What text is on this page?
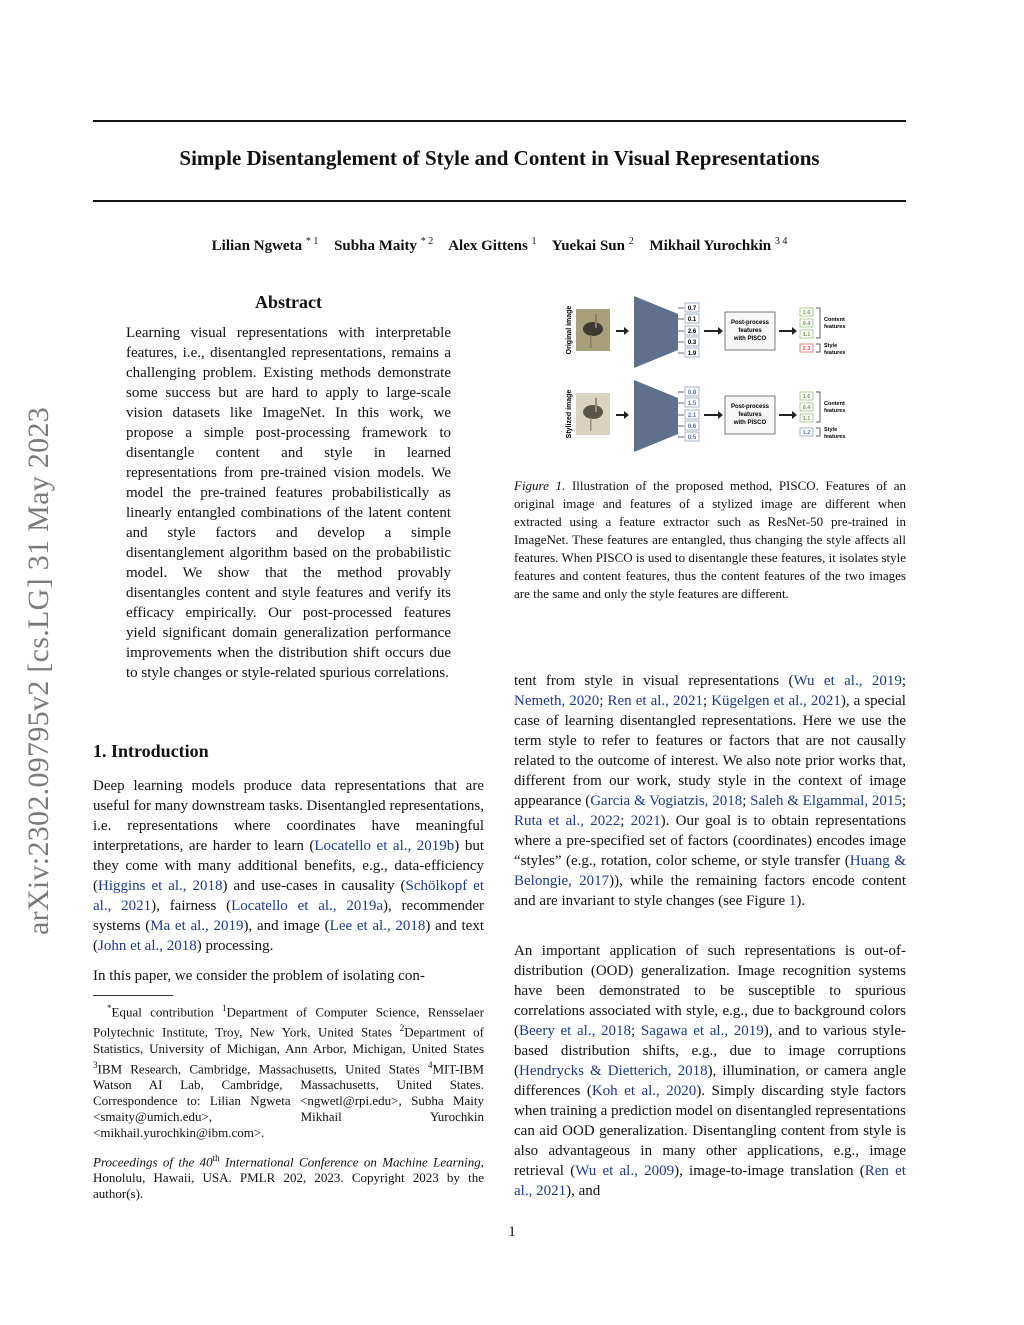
Simple Disentanglement of Style and Content in Visual Representations
Lilian Ngweta $^{* 1}$ Subha Maity $^{* 2}$ Alex Gittens $^1$ Yuekai Sun $^2$ Mikhail Yurochkin $^{3 4}$
arXiv:2302.09795v2 [cs.LG] 31 May 2023
Abstract
Learning visual representations with interpretable features, i.e., disentangled representations, remains a challenging problem. Existing methods demonstrate some success but are hard to apply to large-scale vision datasets like ImageNet. In this work, we propose a simple post-processing framework to disentangle content and style in learned representations from pre-trained vision models. We model the pre-trained features probabilistically as linearly entangled combinations of the latent content and style factors and develop a simple disentanglement algorithm based on the probabilistic model. We show that the method provably disentangles content and style features and verify its efficacy empirically. Our post-processed features yield significant domain generalization performance improvements when the distribution shift occurs due to style changes or style-related spurious correlations.
Original image	0.7
0.1
2.6
0.3
1.9
Post-process
features
with PISCO
1.6
0.4
1.1
2.3
Content
features
Style
features
Stylized image	0.8
1.5
2.1
0.6
0.5
Post-process
features
with PISCO
1.6
0.4
1.1
1.2
Content
features
Style
features
Figure 1. Illustration of the proposed method, PISCO. Features of an original image and features of a stylized image are different when extracted using a feature extractor such as ResNet-50 pre-trained in ImageNet. These features are entangled, thus changing the style affects all features. When PISCO is used to disentangle these features, it isolates style features and content features, thus the content features of the two images are the same and only the style features are different.
1. Introduction

Deep learning models produce data representations that are useful for many downstream tasks. Disentangled representations, i.e. representations where coordinates have meaningful interpretations, are harder to learn (Locatello et al., 2019b) but they come with many additional benefits, e.g., data-efficiency (Higgins et al., 2018) and use-cases in causality (Schölkopf et al., 2021), fairness (Locatello et al., 2019a), recommender systems (Ma et al., 2019), and image (Lee et al., 2018) and text (John et al., 2018) processing.

In this paper, we consider the problem of isolating con-
*Equal contribution $^1$Department of Computer Science, Rensselaer Polytechnic Institute, Troy, New York, United States $^2$Department of Statistics, University of Michigan, Ann Arbor, Michigan, United States $^3$IBM Research, Cambridge, Massachusetts, United States $^4$MIT-IBM Watson AI Lab, Cambridge, Massachusetts, United States. Correspondence to: Lilian Ngweta <ngwetl@rpi.edu>, Subha Maity <smaity@umich.edu>, Mikhail Yurochkin <mikhail.yurochkin@ibm.com>.
Proceedings of the 40th International Conference on Machine Learning, Honolulu, Hawaii, USA. PMLR 202, 2023. Copyright 2023 by the author(s).

tent from style in visual representations (Wu et al., 2019; Nemeth, 2020; Ren et al., 2021; Kügelgen et al., 2021), a special case of learning disentangled representations. Here we use the term style to refer to features or factors that are not causally related to the outcome of interest. We also note prior works that, different from our work, study style in the context of image appearance (Garcia & Vogiatzis, 2018; Saleh & Elgammal, 2015; Ruta et al., 2022; 2021). Our goal is to obtain representations where a pre-specified set of factors (coordinates) encodes image “styles” (e.g., rotation, color scheme, or style transfer (Huang & Belongie, 2017)), while the remaining factors encode content and are invariant to style changes (see Figure 1).

An important application of such representations is out-of-distribution (OOD) generalization. Image recognition systems have been demonstrated to be susceptible to spurious correlations associated with style, e.g., due to background colors (Beery et al., 2018; Sagawa et al., 2019), and to various style-based distribution shifts, e.g., due to image corruptions (Hendrycks & Dietterich, 2018), illumination, or camera angle differences (Koh et al., 2020). Simply discarding style factors when training a prediction model on disentangled representations can aid OOD generalization. Disentangling content from style is also advantageous in many other applications, e.g., image retrieval (Wu et al., 2009), image-to-image translation (Ren et al., 2021), and

1
